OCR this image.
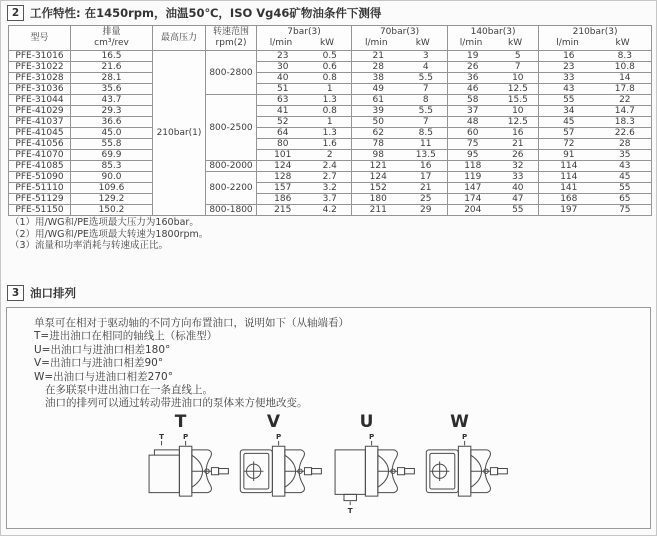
2 工作特性: 在1450rpm，油温50℃，ISO Vg46矿物油条件下测得
型号	
排量
cm³/rev
	最高压力	
转速范围
rpm(2)

7bar(3)
l/min	kW

70bar(3)
l/min	kW

140bar(3)
l/min	kW

210bar(3)
l/min	kW

PFE-31016	16.5	210bar(1)	800-2800	23	0.5	21	3	19	5	16	8.3
PFE-31022	21.6			30	0.6	28	4	26	7	23	10.8
PFE-31028	28.1			40	0.8	38	5.5	36	10	33	14
PFE-31036	35.6			51	1	49	7	46	12.5	43	17.8
PFE-31044	43.7		800-2500	63	1.3	61	8	58	15.5	55	22
PFE-41029	29.3			41	0.8	39	5.5	37	10	34	14.7
PFE-41037	36.6			52	1	50	7	48	12.5	45	18.3
PFE-41045	45.0			64	1.3	62	8.5	60	16	57	22.6
PFE-41056	55.8			80	1.6	78	11	75	21	72	28
PFE-41070	69.9			101	2	98	13.5	95	26	91	35
PFE-41085	85.3		800-2000	124	2.4	121	16	118	32	114	43
PFE-51090	90.0		800-2200	128	2.7	124	17	119	33	114	45
PFE-51110	109.6			157	3.2	152	21	147	40	141	55
PFE-51129	129.2			186	3.7	180	25	174	47	168	65
PFE-51150	150.2		800-1800	215	4.2	211	29	204	55	197	75
（1）用/WG和/PE选项最大压力为160bar。
（2）用/WG和/PE选项最大转速为1800rpm。
（3）流量和功率消耗与转速成正比。
3 油口排列
单泵可在相对于驱动轴的不同方向布置油口，说明如下（从轴端看）
T=进出油口在相同的轴线上（标准型）
U=出油口与进油口相差180°
V=出油口与进油口相差90°
W=出油口与进油口相差270°
在多联泵中进出油口在一条直线上。
油口的排列可以通过转动带进油口的泵体来方便地改变。
T
T P
V
P
U
P
T
W
P
